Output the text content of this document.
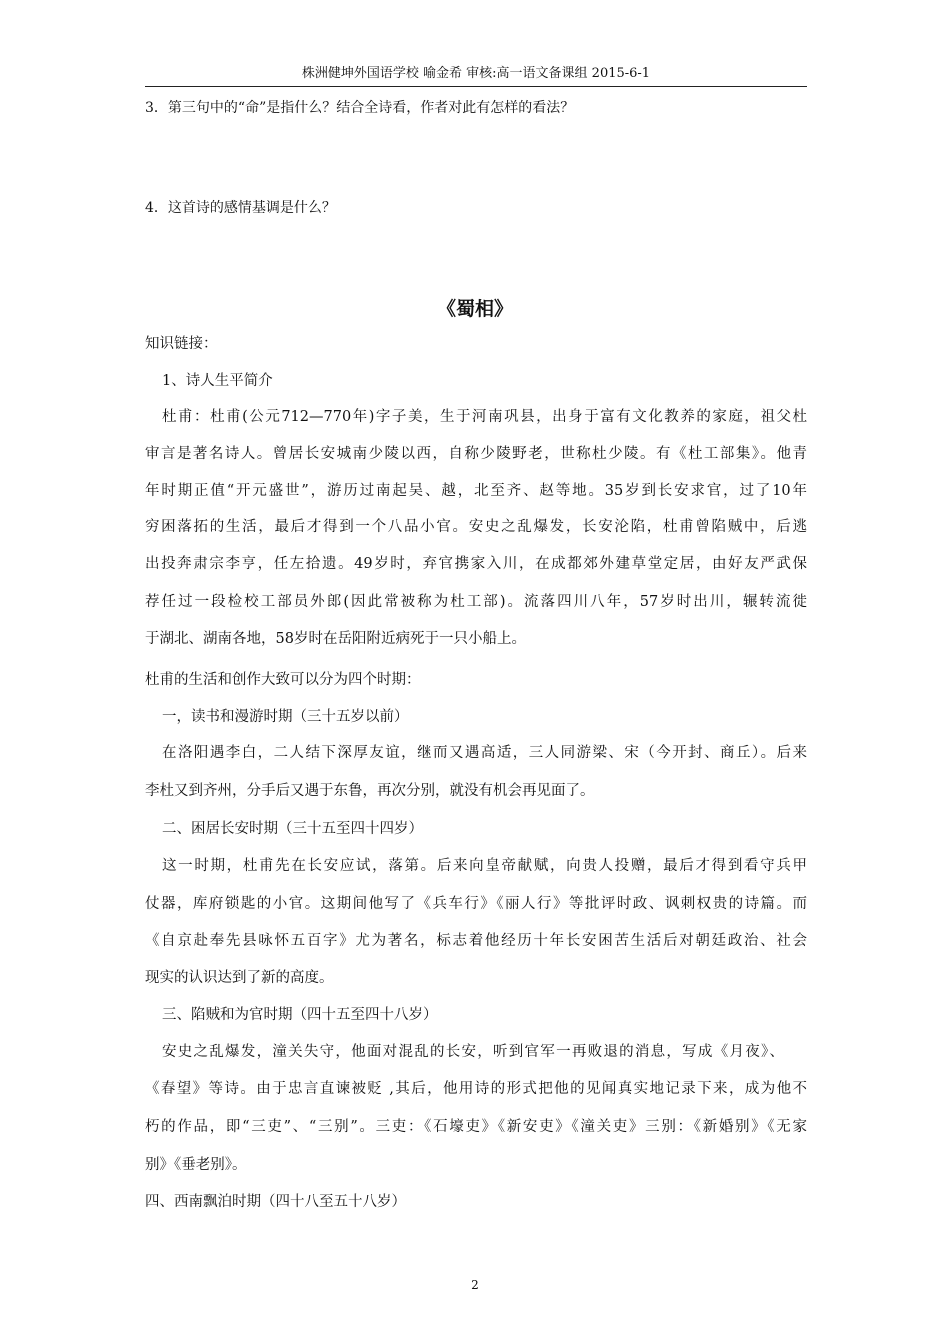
株洲健坤外国语学校 喻金希 审核:高一语文备课组 2015-6-1
3．第三句中的“命”是指什么？结合全诗看，作者对此有怎样的看法？
4．这首诗的感情基调是什么？
《蜀相》
知识链接：
1、诗人生平简介
杜甫：杜甫(公元712—770年)字子美，生于河南巩县，出身于富有文化教养的家庭，祖父杜
审言是著名诗人。曾居长安城南少陵以西，自称少陵野老，世称杜少陵。有《杜工部集》。他青
年时期正值“开元盛世”，游历过南起吴、越，北至齐、赵等地。35岁到长安求官，过了10年
穷困落拓的生活，最后才得到一个八品小官。安史之乱爆发，长安沦陷，杜甫曾陷贼中，后逃
出投奔肃宗李亨，任左拾遗。49岁时，弃官携家入川，在成都郊外建草堂定居，由好友严武保
荐任过一段检校工部员外郎(因此常被称为杜工部)。流落四川八年，57岁时出川，辗转流徙
于湖北、湖南各地，58岁时在岳阳附近病死于一只小船上。
杜甫的生活和创作大致可以分为四个时期：
一，读书和漫游时期（三十五岁以前）
在洛阳遇李白，二人结下深厚友谊，继而又遇高适，三人同游梁、宋（今开封、商丘）。后来
李杜又到齐州，分手后又遇于东鲁，再次分别，就没有机会再见面了。
二、困居长安时期（三十五至四十四岁）
这一时期，杜甫先在长安应试，落第。后来向皇帝献赋，向贵人投赠，最后才得到看守兵甲
仗器，库府锁匙的小官。这期间他写了《兵车行》《丽人行》等批评时政、讽刺权贵的诗篇。而
《自京赴奉先县咏怀五百字》尤为著名，标志着他经历十年长安困苦生活后对朝廷政治、社会
现实的认识达到了新的高度。
三、陷贼和为官时期（四十五至四十八岁）
安史之乱爆发，潼关失守，他面对混乱的长安，听到官军一再败退的消息，写成《月夜》、
《春望》等诗。由于忠言直谏被贬 ,其后，他用诗的形式把他的见闻真实地记录下来，成为他不
朽的作品，即“三吏”、“三别”。三吏：《石壕吏》《新安吏》《潼关吏》三别：《新婚别》《无家
别》《垂老别》。
四、西南飘泊时期（四十八至五十八岁）
2
